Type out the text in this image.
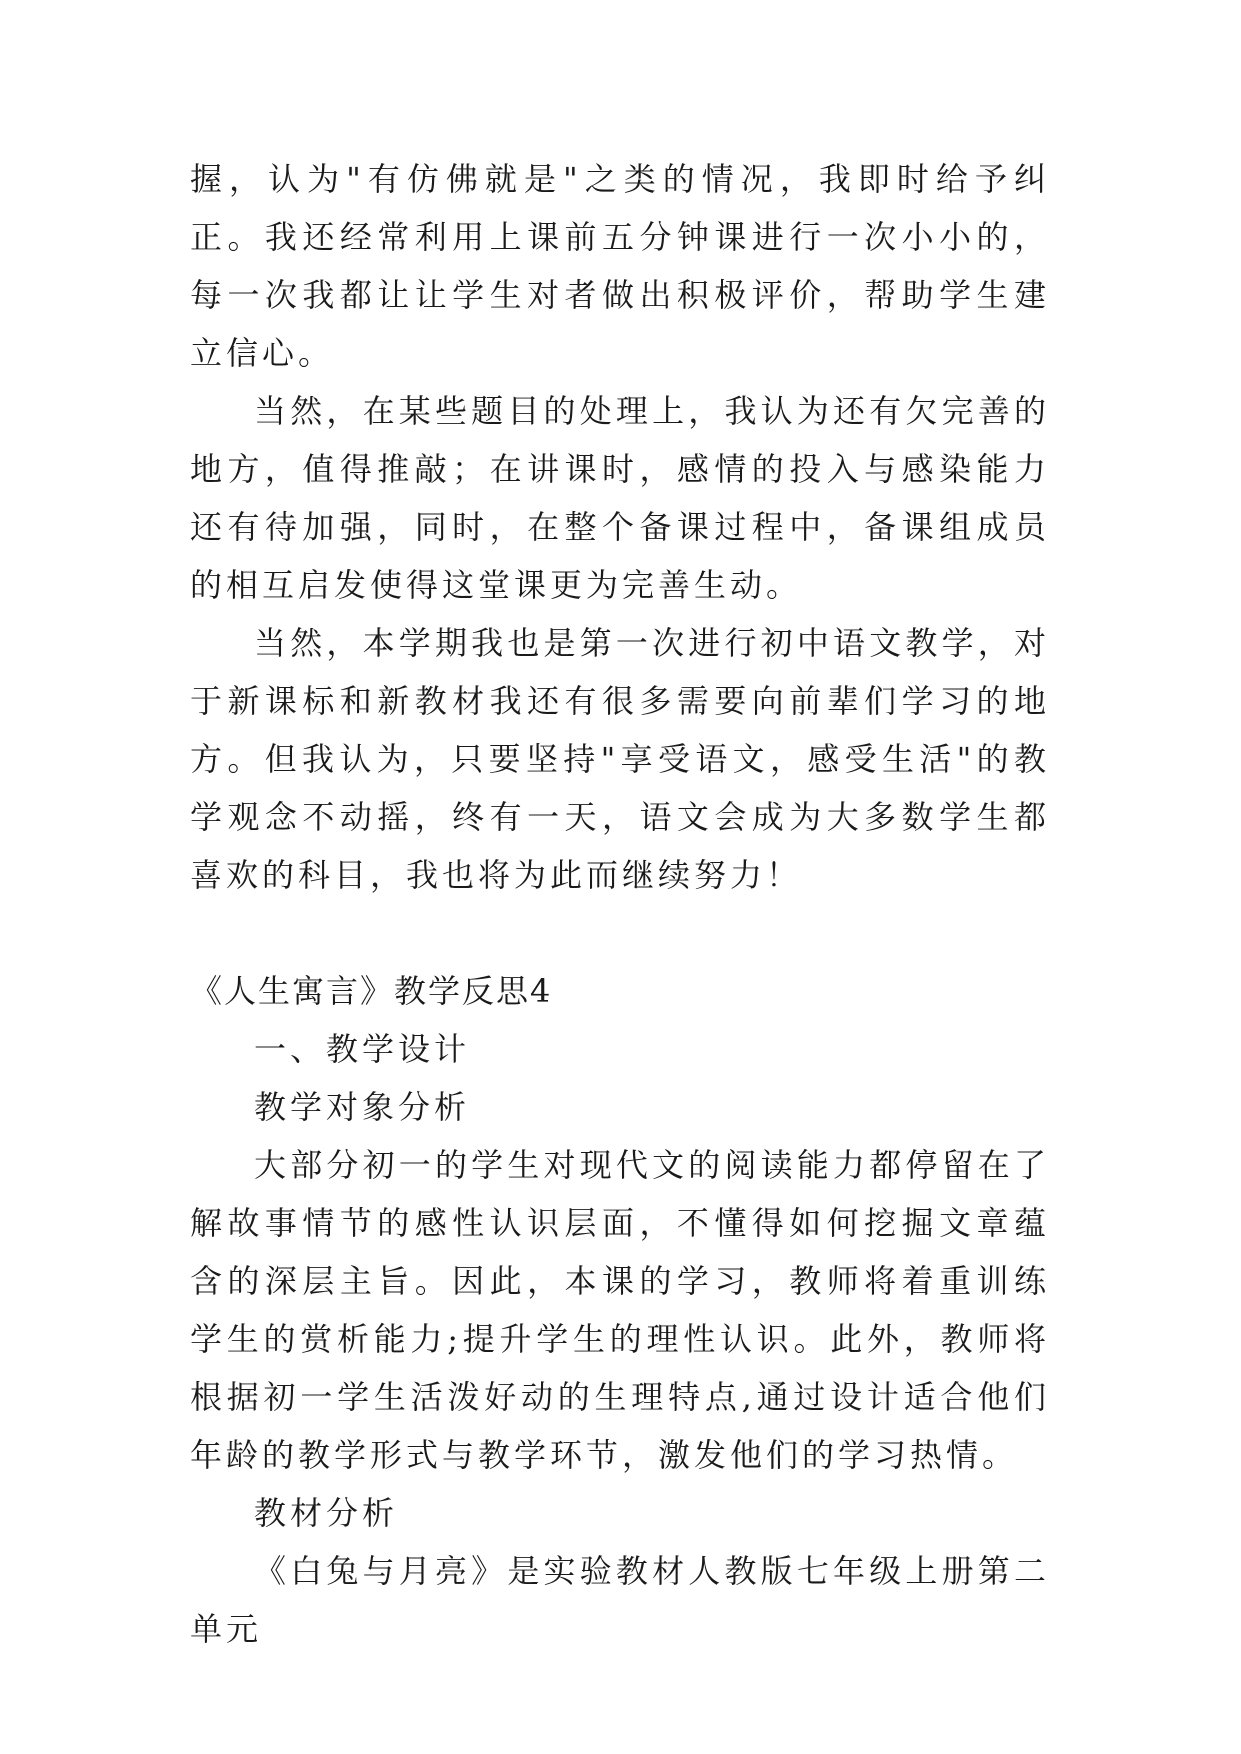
握，认为"有仿佛就是"之类的情况，我即时给予纠正。我还经常利用上课前五分钟课进行一次小小的，每一次我都让让学生对者做出积极评价，帮助学生建立信心。

当然，在某些题目的处理上，我认为还有欠完善的地方，值得推敲；在讲课时，感情的投入与感染能力还有待加强，同时，在整个备课过程中，备课组成员的相互启发使得这堂课更为完善生动。

当然，本学期我也是第一次进行初中语文教学，对于新课标和新教材我还有很多需要向前辈们学习的地方。但我认为，只要坚持"享受语文，感受生活"的教学观念不动摇，终有一天，语文会成为大多数学生都喜欢的科目，我也将为此而继续努力！

《人生寓言》教学反思4

一、教学设计

教学对象分析

大部分初一的学生对现代文的阅读能力都停留在了解故事情节的感性认识层面，不懂得如何挖掘文章蕴含的深层主旨。因此，本课的学习，教师将着重训练学生的赏析能力;提升学生的理性认识。此外，教师将根据初一学生活泼好动的生理特点,通过设计适合他们年龄的教学形式与教学环节，激发他们的学习热情。

教材分析

《白兔与月亮》是实验教材人教版七年级上册第二单元
